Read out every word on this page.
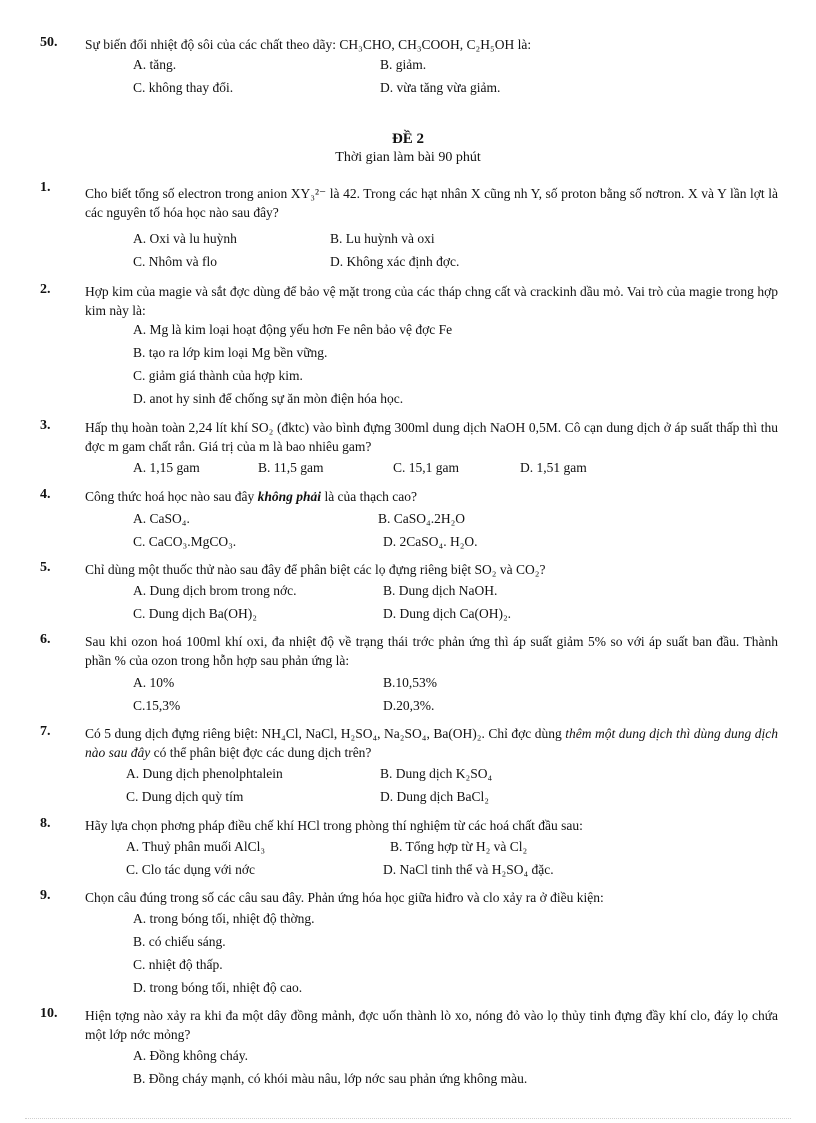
50. Sự biến đổi nhiệt độ sôi của các chất theo dãy: CH₃CHO, CH₃COOH, C₂H₅OH là:
A. tăng.	B. giảm.
C. không thay đổi.	D. vừa tăng vừa giảm.
ĐỀ 2
Thời gian làm bài 90 phút
1.	Cho biết tổng số electron trong anion XY₃²⁻ là 42. Trong các hạt nhân X cũng nh Y, số proton bằng số nơtron. X và Y lần lợt là các nguyên tố hóa học nào sau đây?
A. Oxi và lu huỳnh	B. Lu huỳnh và oxi
C. Nhôm và flo	D. Không xác định đợc.
2.	Hợp kim của magie và sắt đợc dùng để bảo vệ mặt trong của các tháp chng cất và crackinh dầu mỏ. Vai trò của magie trong hợp kim này là:
A. Mg là kim loại hoạt động yếu hơn Fe nên bảo vệ đợc Fe
B. tạo ra lớp kim loại Mg bền vững.
C. giảm giá thành của hợp kim.
D. anot hy sinh để chống sự ăn mòn điện hóa học.
3.	Hấp thụ hoàn toàn 2,24 lít khí SO₂ (đktc) vào bình đựng 300ml dung dịch NaOH 0,5M. Cô cạn dung dịch ở áp suất thấp thì thu đợc m gam chất rắn. Giá trị của m là bao nhiêu gam?
A. 1,15 gam	B. 11,5 gam	C. 15,1 gam	D. 1,51 gam
4.	Công thức hoá học nào sau đây không phải là của thạch cao?
A. CaSO₄.	B. CaSO₄.2H₂O
C. CaCO₃.MgCO₃.	D. 2CaSO₄. H₂O.
5.	Chỉ dùng một thuốc thử nào sau đây để phân biệt các lọ đựng riêng biệt SO₂ và CO₂?
A. Dung dịch brom trong nớc.	B. Dung dịch NaOH.
C. Dung dịch Ba(OH)₂	D. Dung dịch Ca(OH)₂.
6.	Sau khi ozon hoá 100ml khí oxi, đa nhiệt độ về trạng thái trớc phản ứng thì áp suất giảm 5% so với áp suất ban đầu. Thành phần % của ozon trong hỗn hợp sau phản ứng là:
A. 10%	B.10,53%
C.15,3%	D.20,3%.
7.	Có 5 dung dịch đựng riêng biệt: NH₄Cl, NaCl, H₂SO₄, Na₂SO₄, Ba(OH)₂. Chỉ đợc dùng thêm một dung dịch thì dùng dung dịch nào sau đây có thể phân biệt đợc các dung dịch trên?
A. Dung dịch phenolphtalein	B. Dung dịch K₂SO₄
C. Dung dịch quỳ tím	D. Dung dịch BaCl₂
8.	Hãy lựa chọn phơng pháp điều chế khí HCl trong phòng thí nghiệm từ các hoá chất đầu sau:
A. Thuỷ phân muối AlCl₃	B. Tổng hợp từ H₂ và Cl₂
C. Clo tác dụng với nớc	D. NaCl tinh thể và H₂SO₄ đặc.
9.	Chọn câu đúng trong số các câu sau đây. Phản ứng hóa học giữa hiđro và clo xảy ra ở điều kiện:
A. trong bóng tối, nhiệt độ thờng.
B. có chiếu sáng.
C. nhiệt độ thấp.
D. trong bóng tối, nhiệt độ cao.
10. Hiện tợng nào xảy ra khi đa một dây đồng mảnh, đợc uốn thành lò xo, nóng đỏ vào lọ thủy tinh đựng đầy khí clo, đáy lọ chứa một lớp nớc mỏng?
A. Đồng không cháy.
B. Đồng cháy mạnh, có khói màu nâu, lớp nớc sau phản ứng không màu.
